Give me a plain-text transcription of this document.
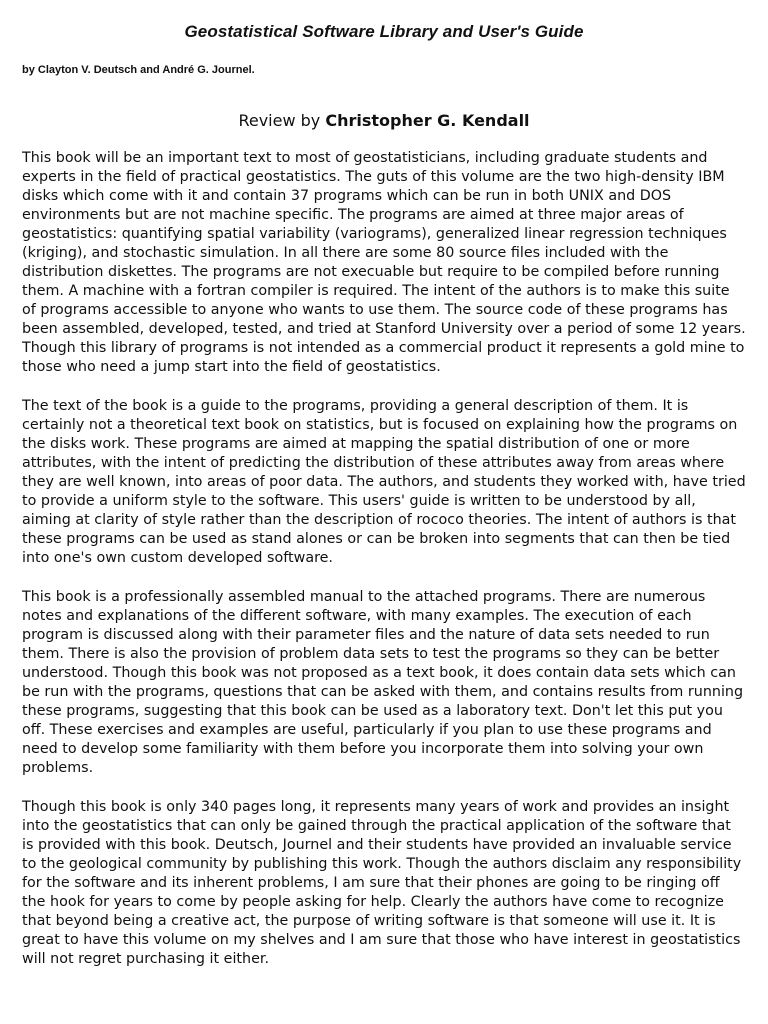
Geostatistical Software Library and User's Guide
by Clayton V. Deutsch and André G. Journel.
Review by Christopher G. Kendall

This book will be an important text to most of geostatisticians, including graduate students and experts in the field of practical geostatistics. The guts of this volume are the two high-density IBM disks which come with it and contain 37 programs which can be run in both UNIX and DOS environments but are not machine specific. The programs are aimed at three major areas of geostatistics: quantifying spatial variability (variograms), generalized linear regression techniques (kriging), and stochastic simulation. In all there are some 80 source files included with the distribution diskettes. The programs are not execuable but require to be compiled before running them. A machine with a fortran compiler is required. The intent of the authors is to make this suite of programs accessible to anyone who wants to use them. The source code of these programs has been assembled, developed, tested, and tried at Stanford University over a period of some 12 years. Though this library of programs is not intended as a commercial product it represents a gold mine to those who need a jump start into the field of geostatistics.

The text of the book is a guide to the programs, providing a general description of them. It is certainly not a theoretical text book on statistics, but is focused on explaining how the programs on the disks work. These programs are aimed at mapping the spatial distribution of one or more attributes, with the intent of predicting the distribution of these attributes away from areas where they are well known, into areas of poor data. The authors, and students they worked with, have tried to provide a uniform style to the software. This users' guide is written to be understood by all, aiming at clarity of style rather than the description of rococo theories. The intent of authors is that these programs can be used as stand alones or can be broken into segments that can then be tied into one's own custom developed software.

This book is a professionally assembled manual to the attached programs. There are numerous notes and explanations of the different software, with many examples. The execution of each program is discussed along with their parameter files and the nature of data sets needed to run them. There is also the provision of problem data sets to test the programs so they can be better understood. Though this book was not proposed as a text book, it does contain data sets which can be run with the programs, questions that can be asked with them, and contains results from running these programs, suggesting that this book can be used as a laboratory text. Don't let this put you off. These exercises and examples are useful, particularly if you plan to use these programs and need to develop some familiarity with them before you incorporate them into solving your own problems.

Though this book is only 340 pages long, it represents many years of work and provides an insight into the geostatistics that can only be gained through the practical application of the software that is provided with this book. Deutsch, Journel and their students have provided an invaluable service to the geological community by publishing this work. Though the authors disclaim any responsibility for the software and its inherent problems, I am sure that their phones are going to be ringing off the hook for years to come by people asking for help. Clearly the authors have come to recognize that beyond being a creative act, the purpose of writing software is that someone will use it. It is great to have this volume on my shelves and I am sure that those who have interest in geostatistics will not regret purchasing it either.
